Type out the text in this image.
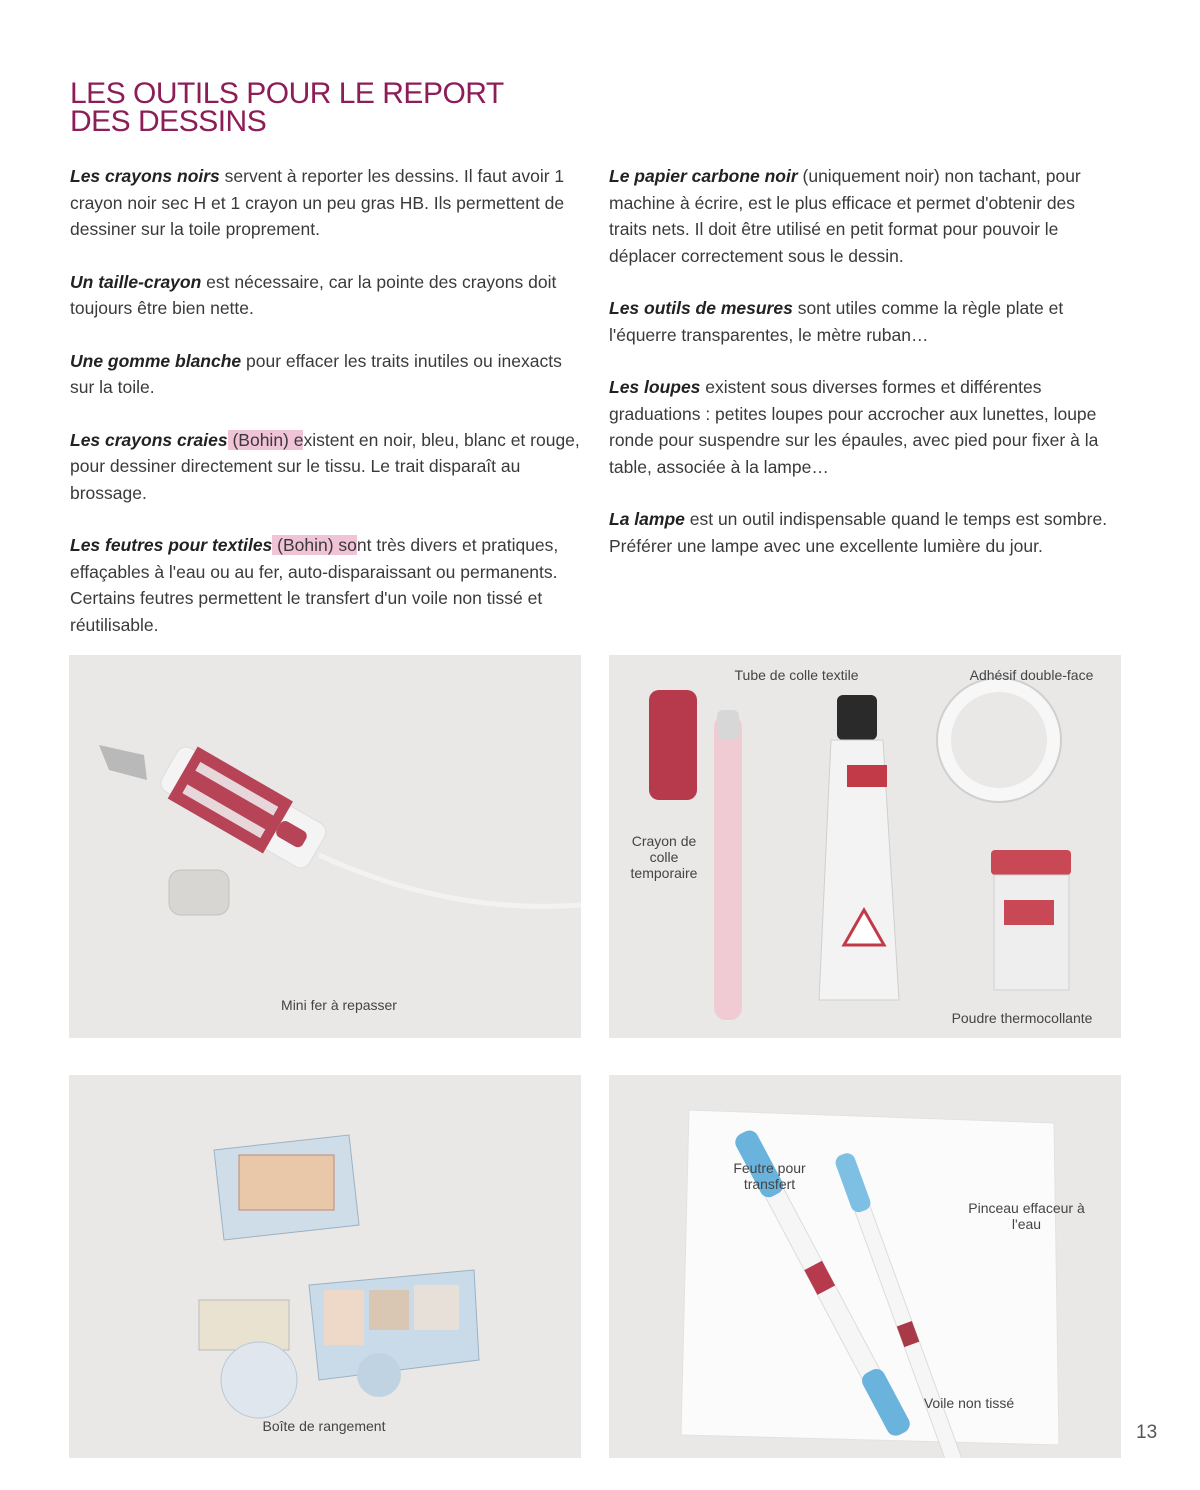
LES OUTILS POUR LE REPORT
DES DESSINS

Les crayons noirs servent à reporter les dessins. Il faut avoir 1 crayon noir sec H et 1 crayon un peu gras HB. Ils permettent de dessiner sur la toile proprement.

Un taille-crayon est nécessaire, car la pointe des crayons doit toujours être bien nette.

Une gomme blanche pour effacer les traits inutiles ou inexacts sur la toile.

Les crayons craies (Bohin) existent en noir, bleu, blanc et rouge, pour dessiner directement sur le tissu. Le trait disparaît au brossage.

Les feutres pour textiles (Bohin) sont très divers et pratiques, effaçables à l'eau ou au fer, auto-disparaissant ou permanents. Certains feutres permettent le transfert d'un voile non tissé et réutilisable.

Le papier carbone noir (uniquement noir) non tachant, pour machine à écrire, est le plus efficace et permet d'obtenir des traits nets. Il doit être utilisé en petit format pour pouvoir le déplacer correctement sous le dessin.

Les outils de mesures sont utiles comme la règle plate et l'équerre transparentes, le mètre ruban…

Les loupes existent sous diverses formes et différentes graduations : petites loupes pour accrocher aux lunettes, loupe ronde pour suspendre sur les épaules, avec pied pour fixer à la table, associée à la lampe…

La lampe est un outil indispensable quand le temps est sombre. Préférer une lampe avec une excellente lumière du jour.

Mini fer à repasser
Tube de colle textile	Adhésif double-face
Crayon de colle temporaire
Poudre thermocollante
Boîte de rangement
Feutre pour transfert
Pinceau effaceur à l'eau
Voile non tissé
13
